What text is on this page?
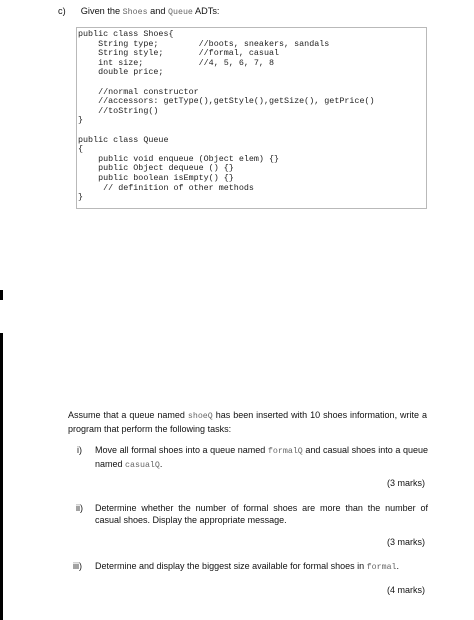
c) Given the Shoes and Queue ADTs:
public class Shoes{
String type;        //boots, sneakers, sandals
String style;       //formal, casual
int size;           //4, 5, 6, 7, 8
double price;

//normal constructor
//accessors: getType(),getStyle(),getSize(), getPrice()
//toString()
}

public class Queue
{
public void enqueue (Object elem) {}
public Object dequeue () {}
public boolean isEmpty() {}
// definition of other methods
}
Assume that a queue named shoeQ has been inserted with 10 shoes information, write a program that perform the following tasks:
i) Move all formal shoes into a queue named formalQ and casual shoes into a queue named casualQ.
(3 marks)
ii) Determine whether the number of formal shoes are more than the number of casual shoes. Display the appropriate message.
(3 marks)
iii) Determine and display the biggest size available for formal shoes in formal.
(4 marks)
